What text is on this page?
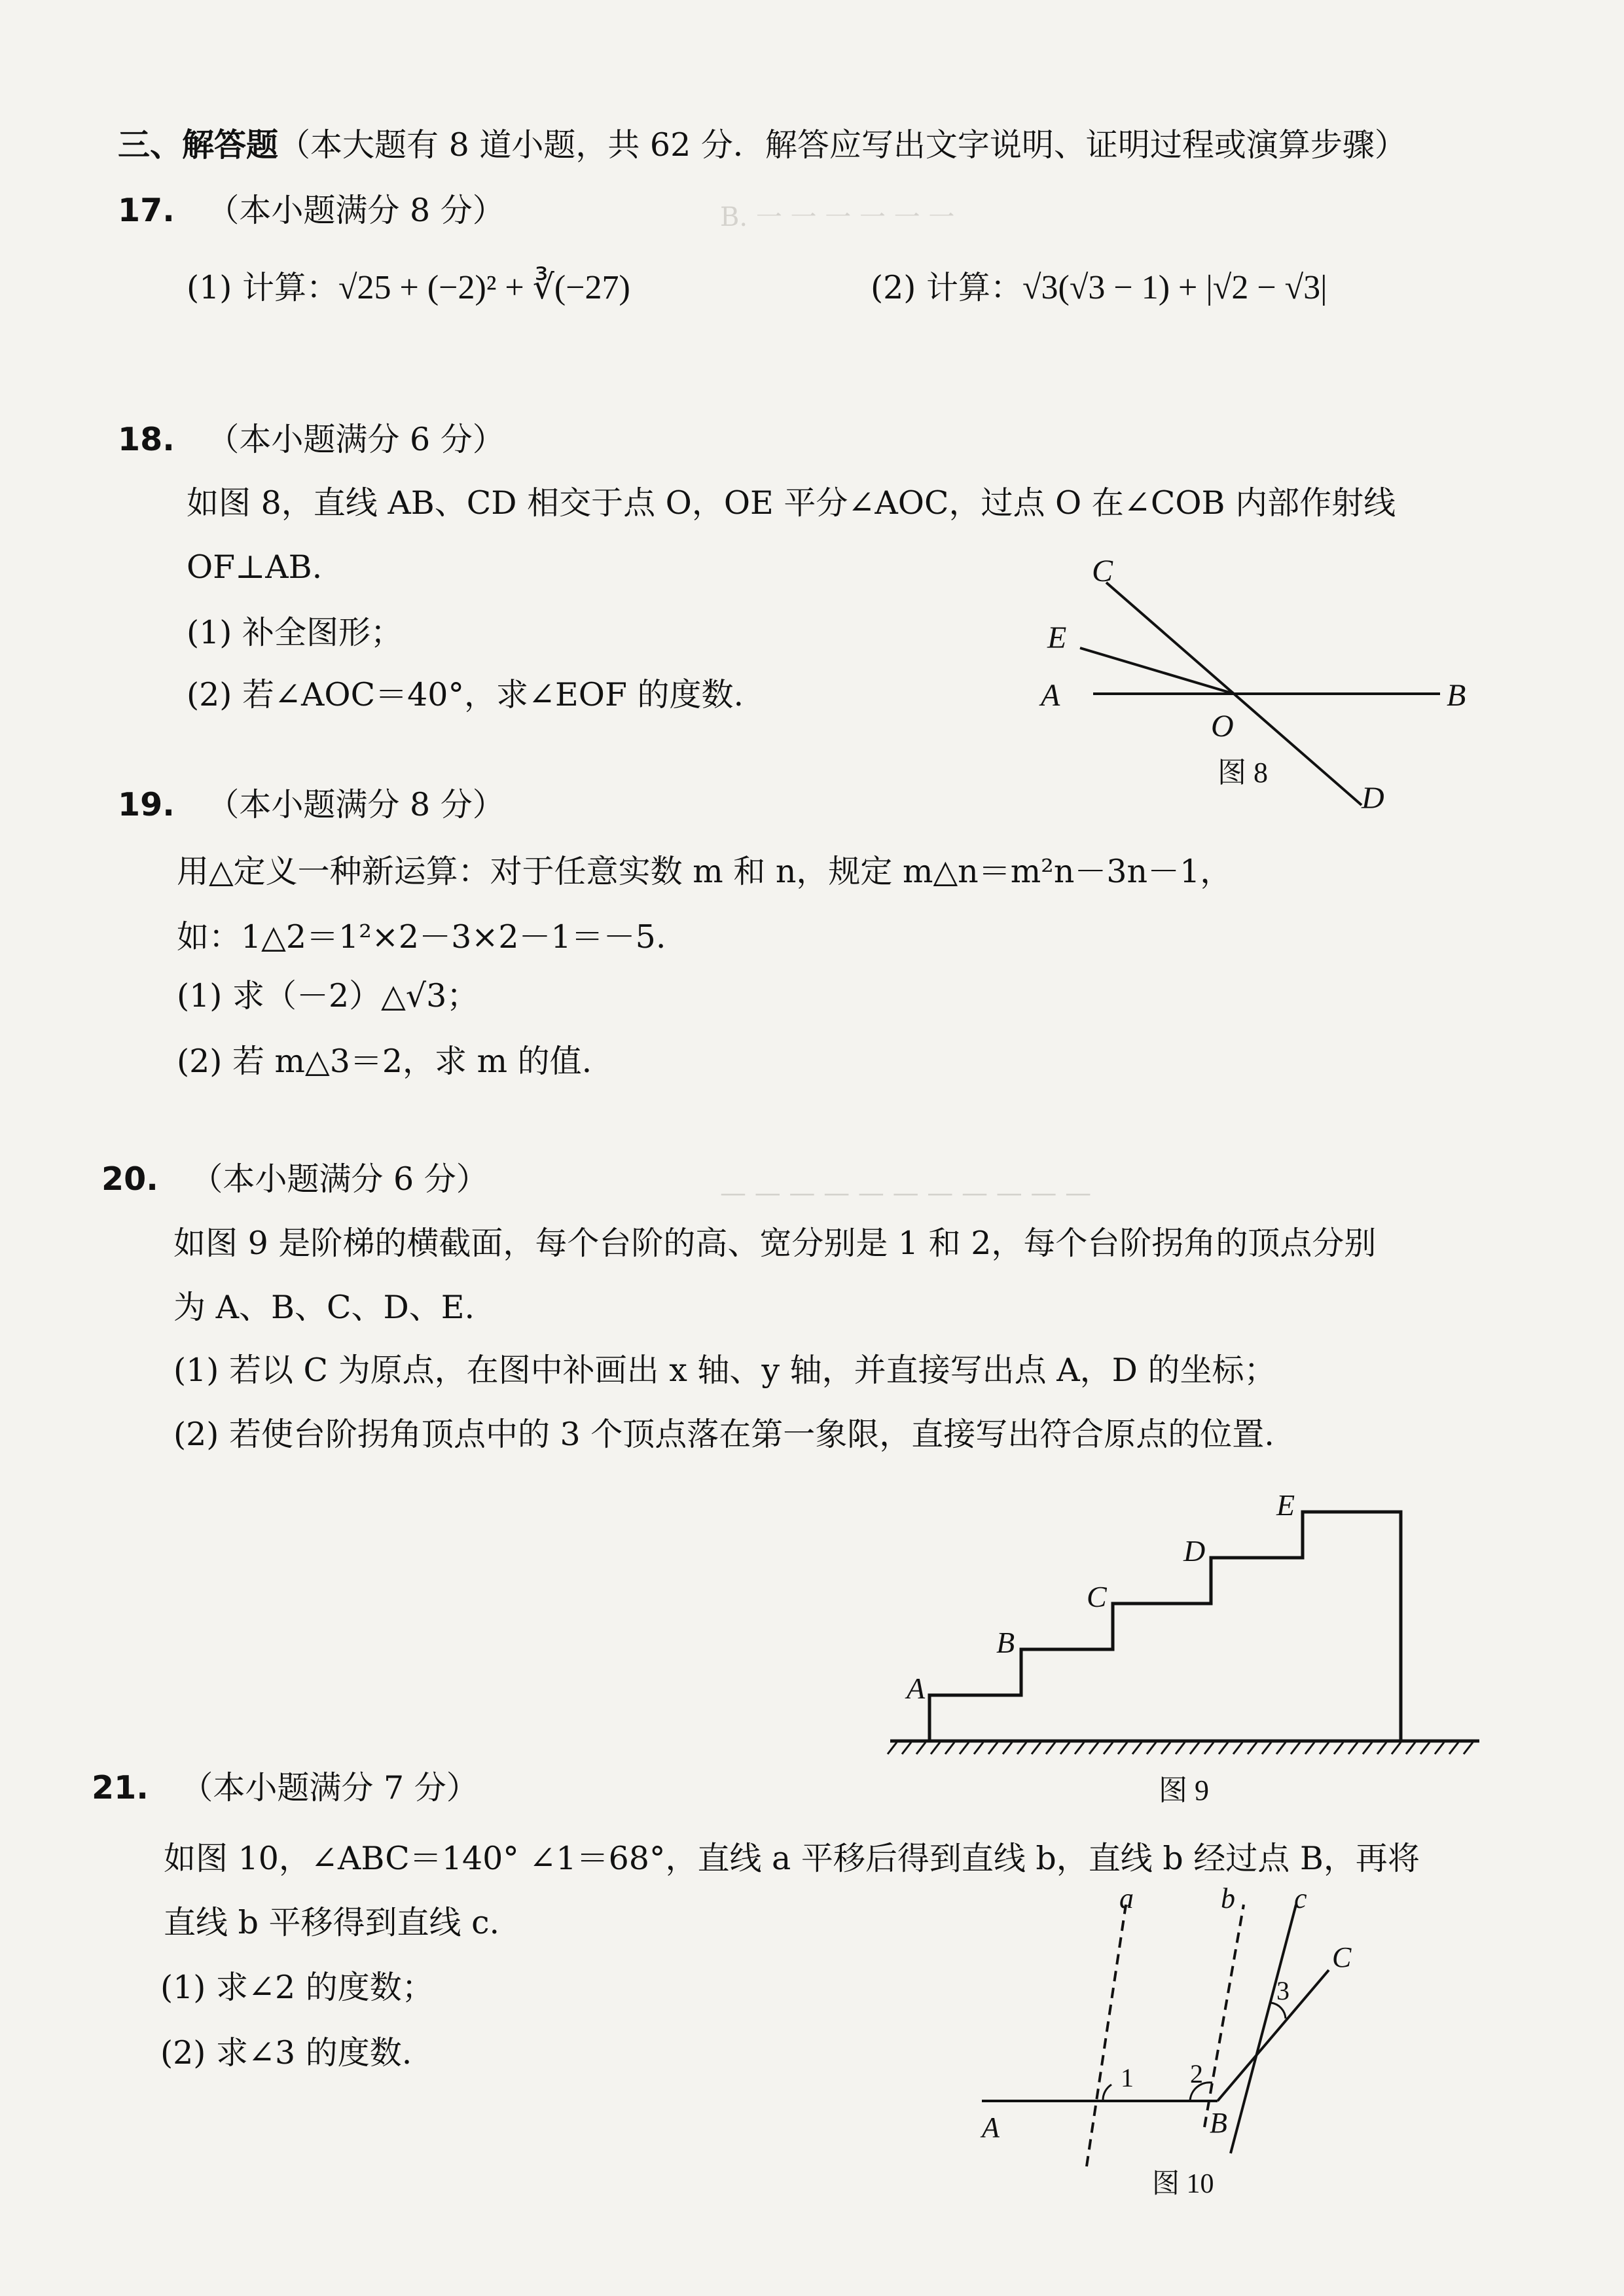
B. 一 一 一 一 一 一
— — — — — — — — — — —
三、解答题（本大题有 8 道小题，共 62 分．解答应写出文字说明、证明过程或演算步骤）
17. （本小题满分 8 分）
(1) 计算：√25 + (−2)² + ∛(−27)	(2) 计算：√3(√3 − 1) + |√2 − √3|
18. （本小题满分 6 分）
如图 8，直线 AB、CD 相交于点 O，OE 平分∠AOC，过点 O 在∠COB 内部作射线
OF⊥AB.
(1) 补全图形；
(2) 若∠AOC＝40°，求∠EOF 的度数.
C
E
A
O
B
D
图 8
19. （本小题满分 8 分）
用△定义一种新运算：对于任意实数 m 和 n，规定 m△n＝m²n－3n－1，
如：1△2＝1²×2－3×2－1＝－5.
(1) 求（－2）△√3；
(2) 若 m△3＝2，求 m 的值.
20. （本小题满分 6 分）
如图 9 是阶梯的横截面，每个台阶的高、宽分别是 1 和 2，每个台阶拐角的顶点分别
为 A、B、C、D、E.
(1) 若以 C 为原点，在图中补画出 x 轴、y 轴，并直接写出点 A，D 的坐标；
(2) 若使台阶拐角顶点中的 3 个顶点落在第一象限，直接写出符合原点的位置.
A
B
C
D
E
图 9
21. （本小题满分 7 分）
如图 10，∠ABC＝140° ∠1＝68°，直线 a 平移后得到直线 b，直线 b 经过点 B，再将
直线 b 平移得到直线 c.
(1) 求∠2 的度数；
(2) 求∠3 的度数.
a	b c
C
3
1 2
A	B
图 10
